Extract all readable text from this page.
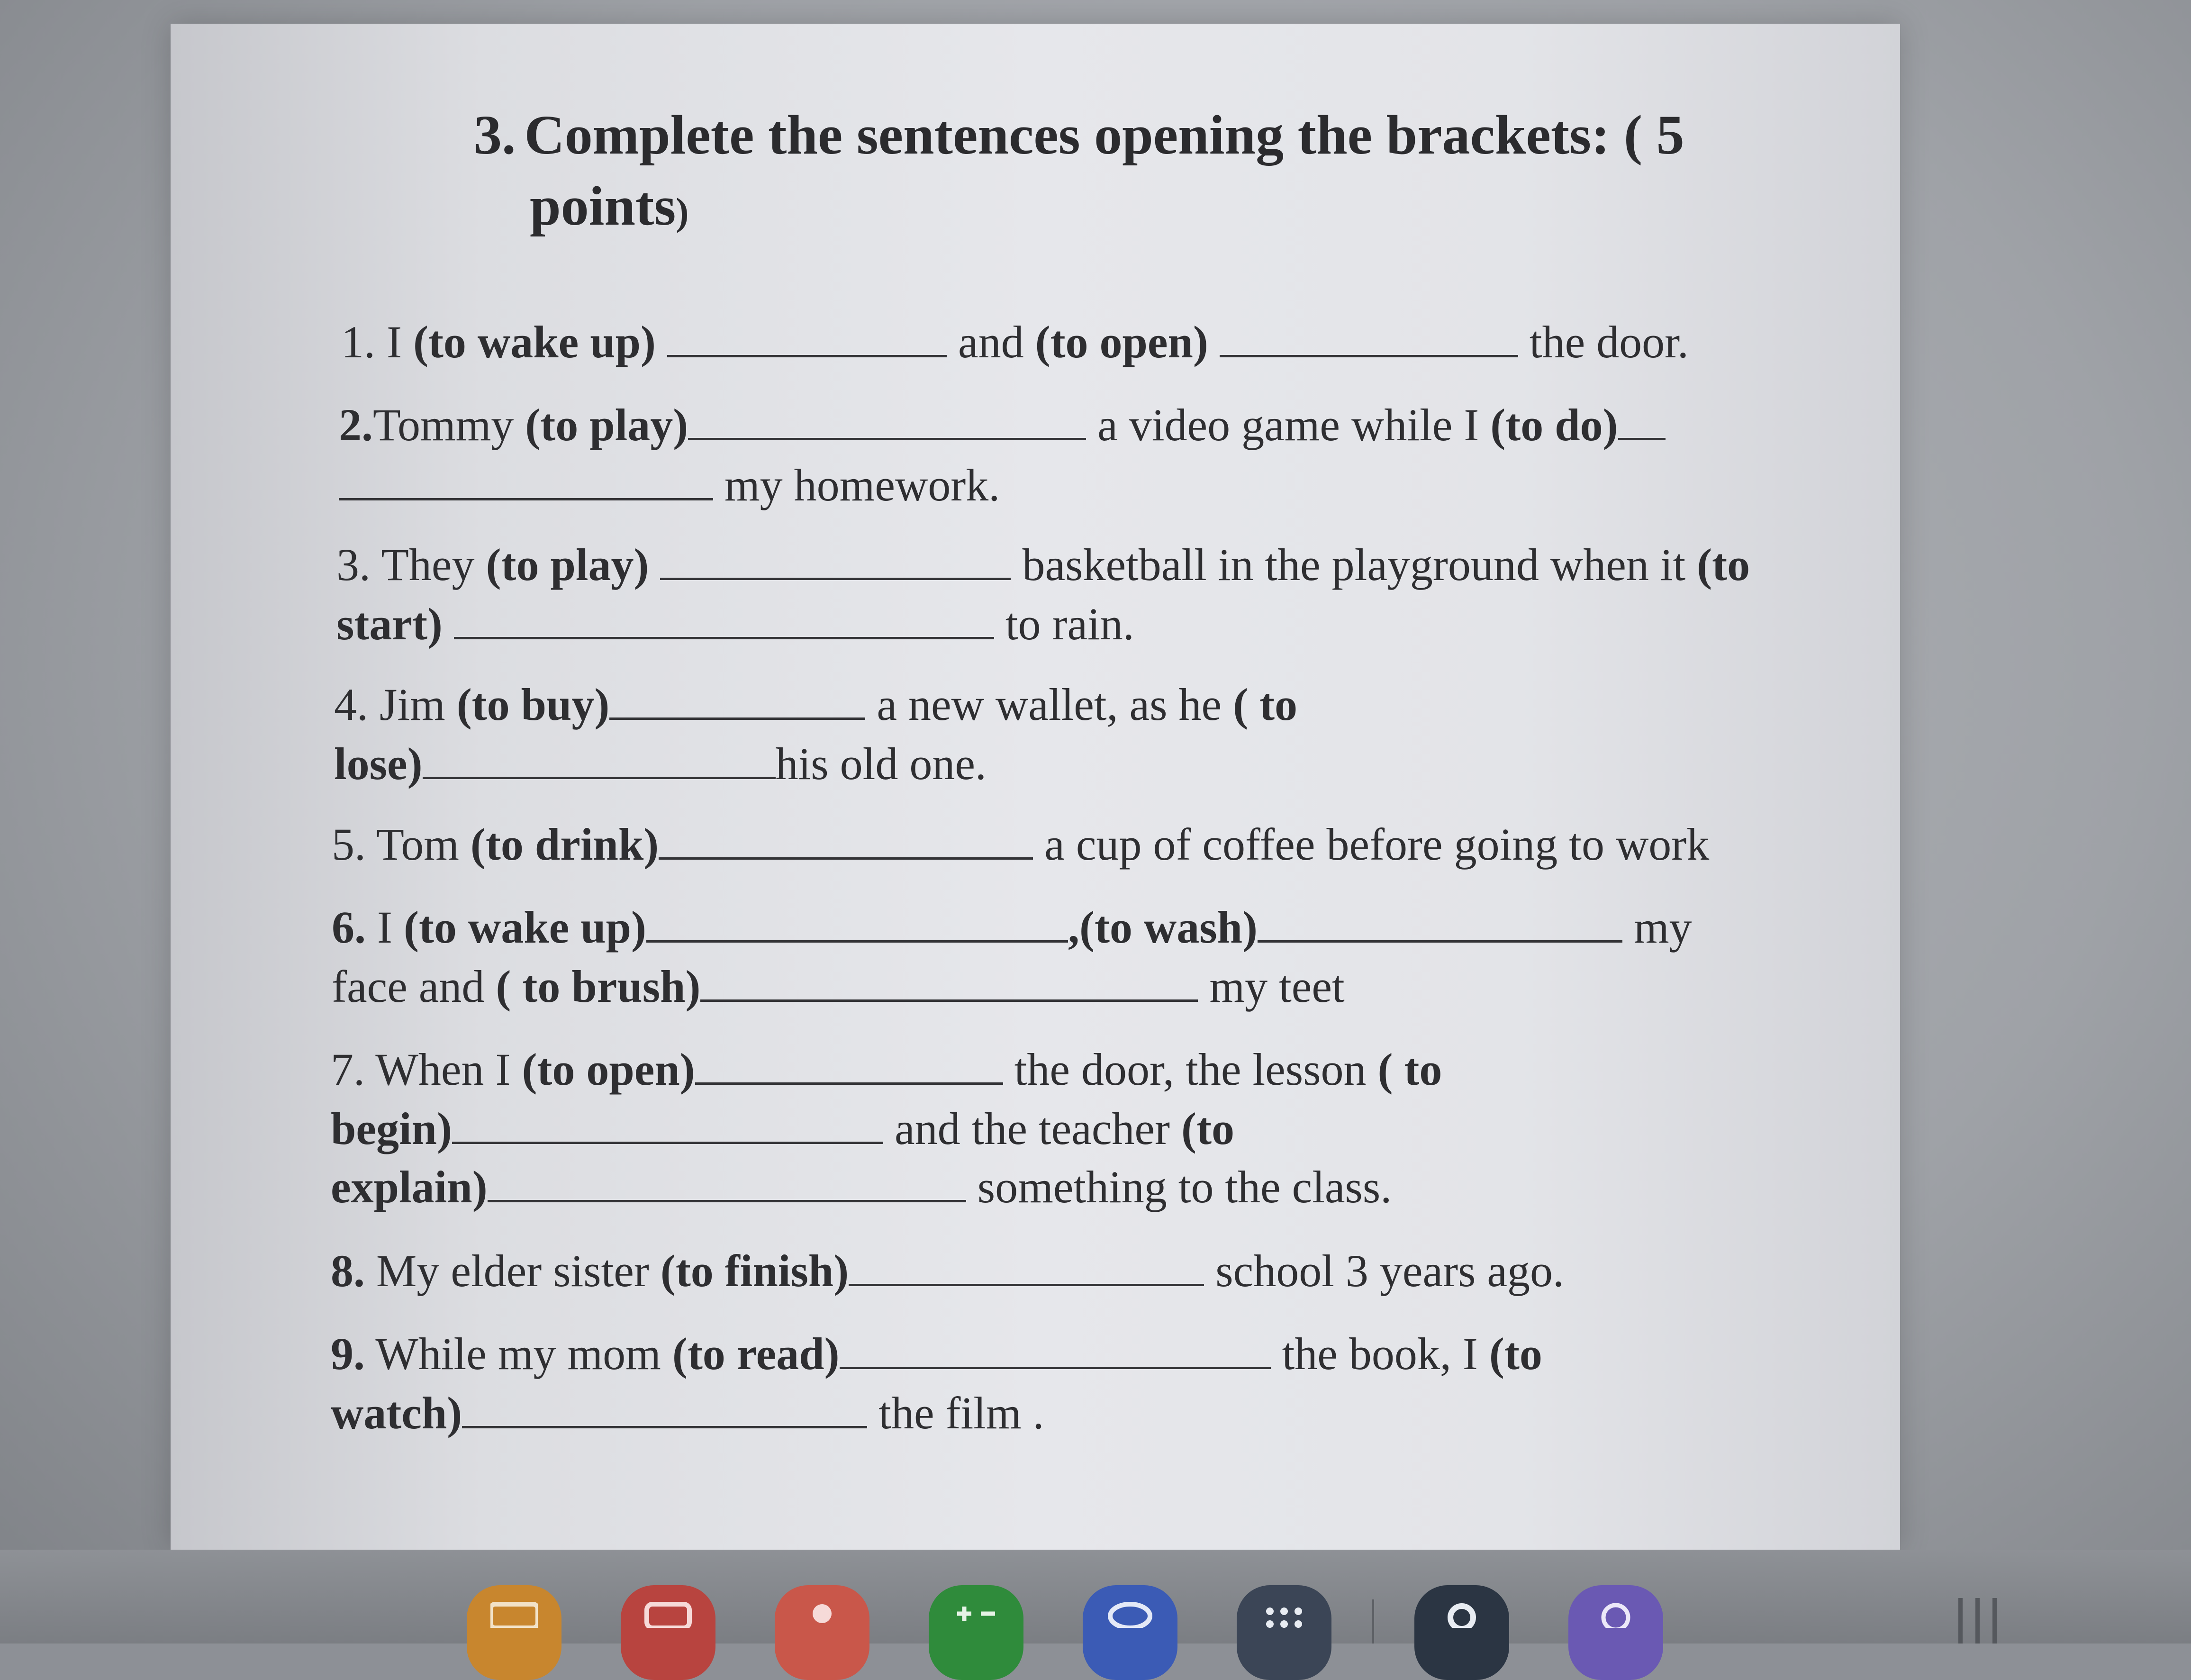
3. Complete the sentences opening the brackets: ( 5
points)
1. I (to wake up)	and (to open)	the door.
2.Tommy (to play)	a video game while I (to do)
my homework.
3. They (to play)	basketball in the playground when it (to
start)	to rain.
4. Jim (to buy)	a new wallet, as he ( to
lose)	his old one.
5. Tom (to drink)	a cup of coffee before going to work
6. I (to wake up)	,(to wash)	my
face and ( to brush)	my teet
7. When I (to open)	the door, the lesson ( to
begin)	and the teacher (to
explain)	something to the class.
8. My elder sister (to finish)	school 3 years ago.
9. While my mom (to read)	the book, I (to
watch)	the film .
